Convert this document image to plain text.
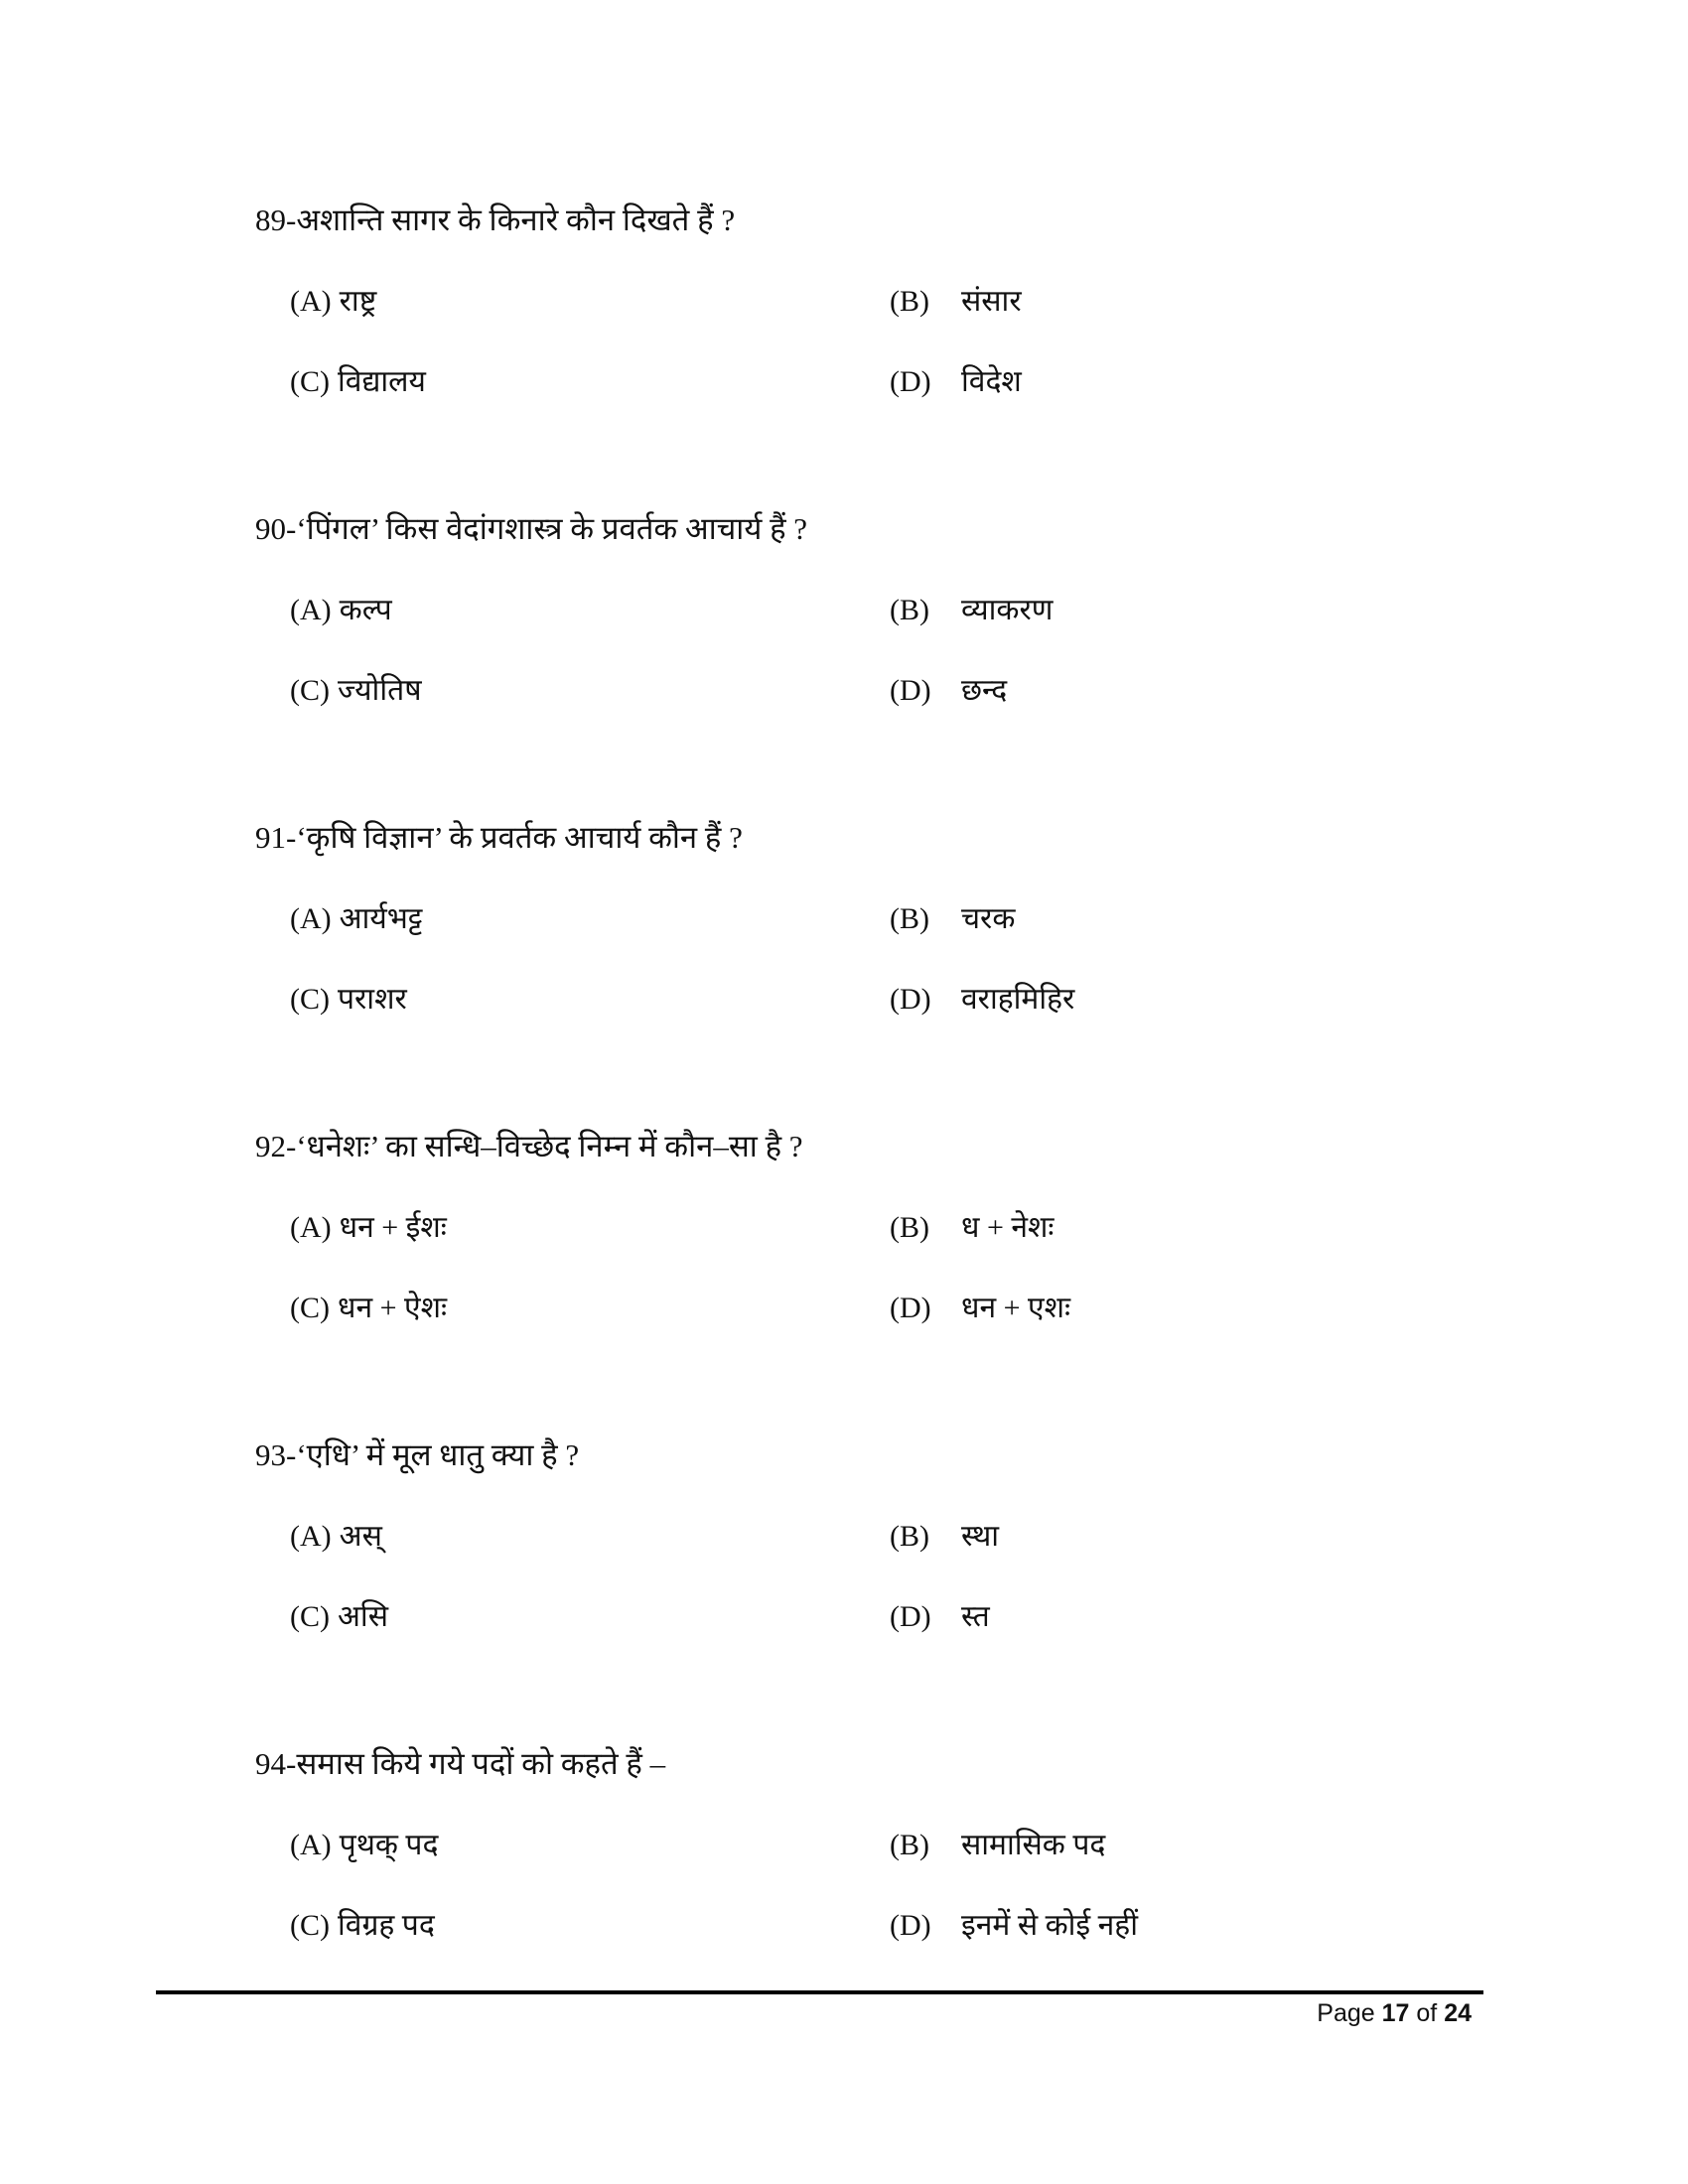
89-अशान्ति सागर के किनारे कौन दिखते हैं ?
(A) राष्ट्र	(B) संसार
(C) विद्यालय	(D) विदेश
90-‘पिंगल’ किस वेदांगशास्त्र के प्रवर्तक आचार्य हैं ?
(A) कल्प	(B) व्याकरण
(C) ज्योतिष	(D) छन्द
91-‘कृषि विज्ञान’ के प्रवर्तक आचार्य कौन हैं ?
(A) आर्यभट्ट	(B) चरक
(C) पराशर	(D) वराहमिहिर
92-‘धनेशः’ का सन्धि–विच्छेद निम्न में कौन–सा है ?
(A) धन + ईशः	(B) ध + नेशः
(C) धन + ऐशः	(D) धन + एशः
93-‘एधि’ में मूल धातु क्या है ?
(A) अस्	(B) स्था
(C) असि	(D) स्त
94-समास किये गये पदों को कहते हैं –
(A) पृथक् पद	(B) सामासिक पद
(C) विग्रह पद	(D) इनमें से कोई नहीं
Page 17 of 24
